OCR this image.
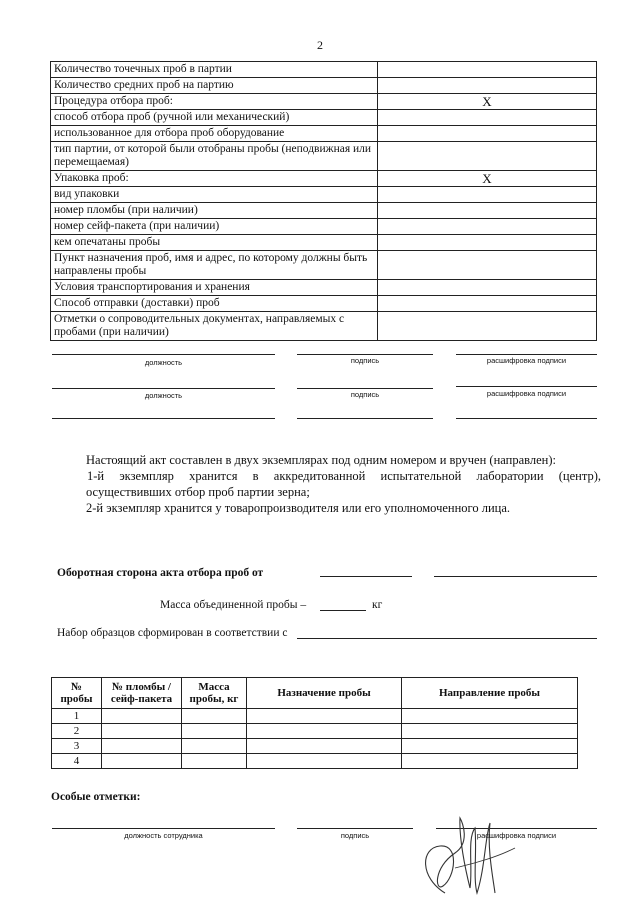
2
Количество точечных проб в партии	
Количество средних проб на партию	
Процедура отбора проб:	X
способ отбора проб (ручной или механический)	
использованное для отбора проб оборудование	
тип партии, от которой были отобраны пробы (неподвижная или перемещаемая)	
Упаковка проб:	X
вид упаковки	
номер пломбы (при наличии)	
номер сейф-пакета (при наличии)	
кем опечатаны пробы	
Пункт назначения проб, имя и адрес, по которому должны быть направлены пробы	
Условия транспортирования и хранения	
Способ отправки (доставки) проб	
Отметки о сопроводительных документах, направляемых с пробами (при наличии)	
должность	подпись	расшифровка подписи
должность	подпись	расшифровка подписи

Настоящий акт составлен в двух экземплярах под одним номером и вручен (направлен):

1-й экземпляр хранится в аккредитованной испытательной лаборатории (центр),

осуществивших отбор проб партии зерна;

2-й экземпляр хранится у товаропроизводителя или его уполномоченного лица.

Оборотная сторона акта отбора проб от
Масса объединенной пробы –	кг
Набор образцов сформирован в соответствии с
№ пробы	№ пломбы / сейф-пакета	Масса пробы, кг	Назначение пробы	Направление пробы
1				
2				
3				
4				
Особые отметки:
должность сотрудника	подпись	расшифровка подписи
